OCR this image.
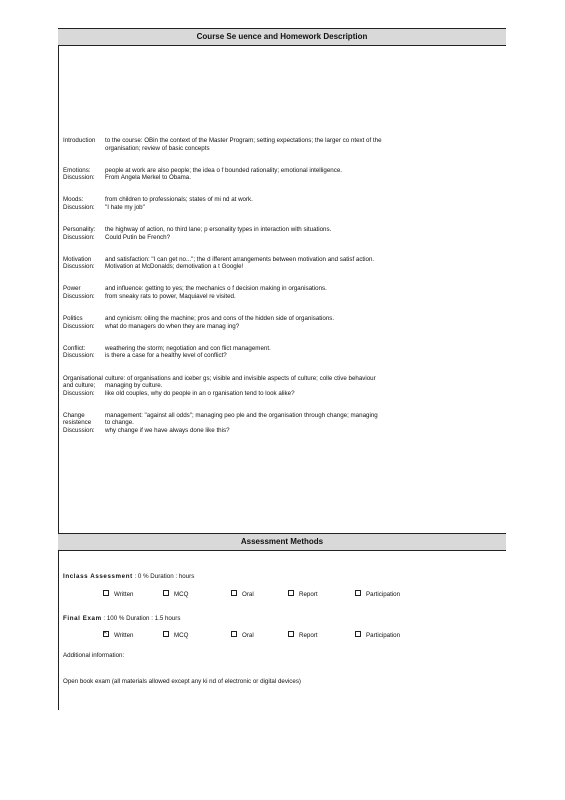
Course Se uence and Homework Description
Introduction	to the course: OBin the context of the Master Program; setting expectations; the larger co ntext of the
organisation; review of basic concepts
Emotions:	people at work are also people; the idea o f bounded rationality; emotional intelligence.
Discussion:	From Angela Merkel to Obama.
Moods:	from children to professionals; states of mi nd at work.
Discussion:	"I hate my job"
Personality:	the highway of action, no third lane; p ersonality types in interaction with situations.
Discussion:	Could Putin be French?
Motivation	and satisfaction: "I can get no..."; the d ifferent arrangements between motivation and satisf action.
Discussion:	Motivation at McDonalds; demotivation a t Google!
Power	and influence: getting to yes; the mechanics o f decision making in organisations.
Discussion:	from sneaky rats to power, Maquiavel re visited.
Politics	and cynicism: oiling the machine; pros and cons of the hidden side of organisations.
Discussion:	what do managers do when they are manag ing?
Conflict:	weathering the storm; negotiation and con flict management.
Discussion:	is there a case for a healthy level of conflict?
Organisational culture: of organisations and iceber gs; visible and invisible aspects of culture; colle ctive behaviour
and culture;	managing by culture.
Discussion:	like old couples, why do people in an o rganisation tend to look alike?
Change	management: "against all odds"; managing peo ple and the organisation through change; managing
resistence	to change.
Discussion:	why change if we have always done like this?
Assessment Methods
Inclass Assessment : 0 % Duration : hours
Written	MCQ	Oral	Report	Participation
Final Exam : 100 % Duration : 1.5 hours
✕Written	MCQ	Oral	Report	Participation
Additional information:
Open book exam (all materials allowed except any ki nd of electronic or digital devices)
